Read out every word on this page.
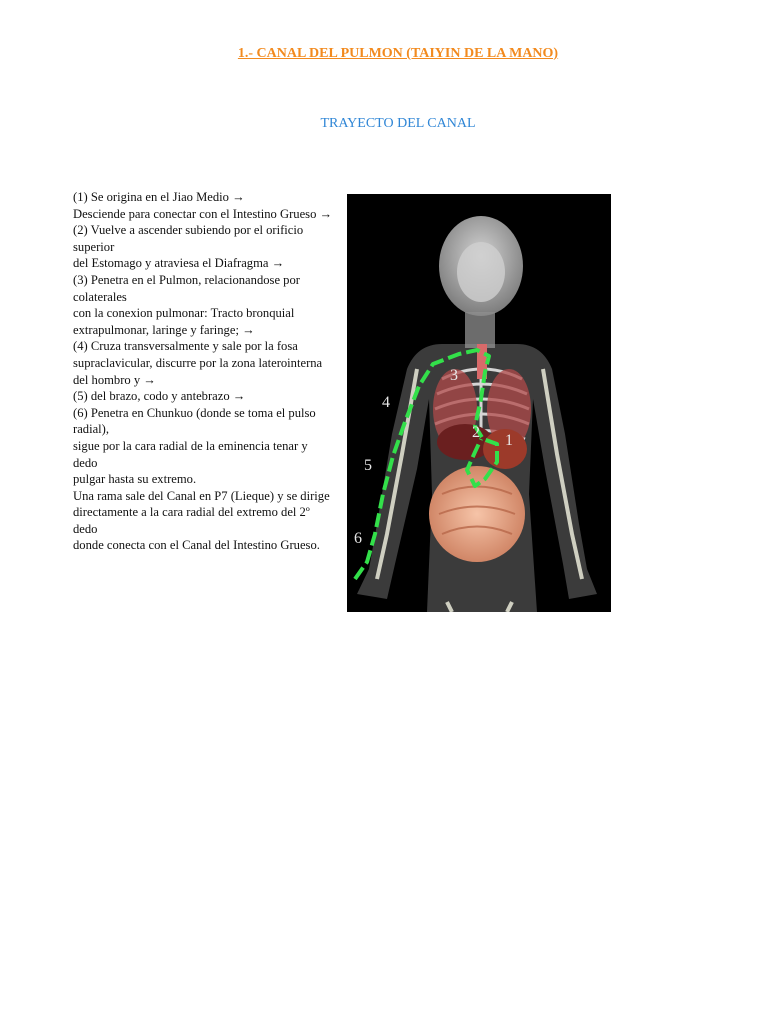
1.- CANAL DEL PULMON (TAIYIN DE LA MANO)
TRAYECTO DEL CANAL
(1) Se origina en el Jiao Medio →
Desciende para conectar con el Intestino Grueso →
(2) Vuelve a ascender subiendo por el orificio superior
del Estomago y atraviesa el Diafragma →
(3) Penetra en el Pulmon, relacionandose por colaterales
con la conexion pulmonar: Tracto bronquial
extrapulmonar, laringe y faringe; →
(4) Cruza transversalmente y sale por la fosa
supraclavicular, discurre por la zona laterointerna
del hombro y →
(5) del brazo, codo y antebrazo →
(6) Penetra en Chunkuo (donde se toma el pulso radial),
sigue por la cara radial de la eminencia tenar y dedo
pulgar hasta su extremo.
Una rama sale del Canal en P7 (Lieque) y se dirige
directamente a la cara radial del extremo del 2º dedo
donde conecta con el Canal del Intestino Grueso.
1
2
3
4
5
6
